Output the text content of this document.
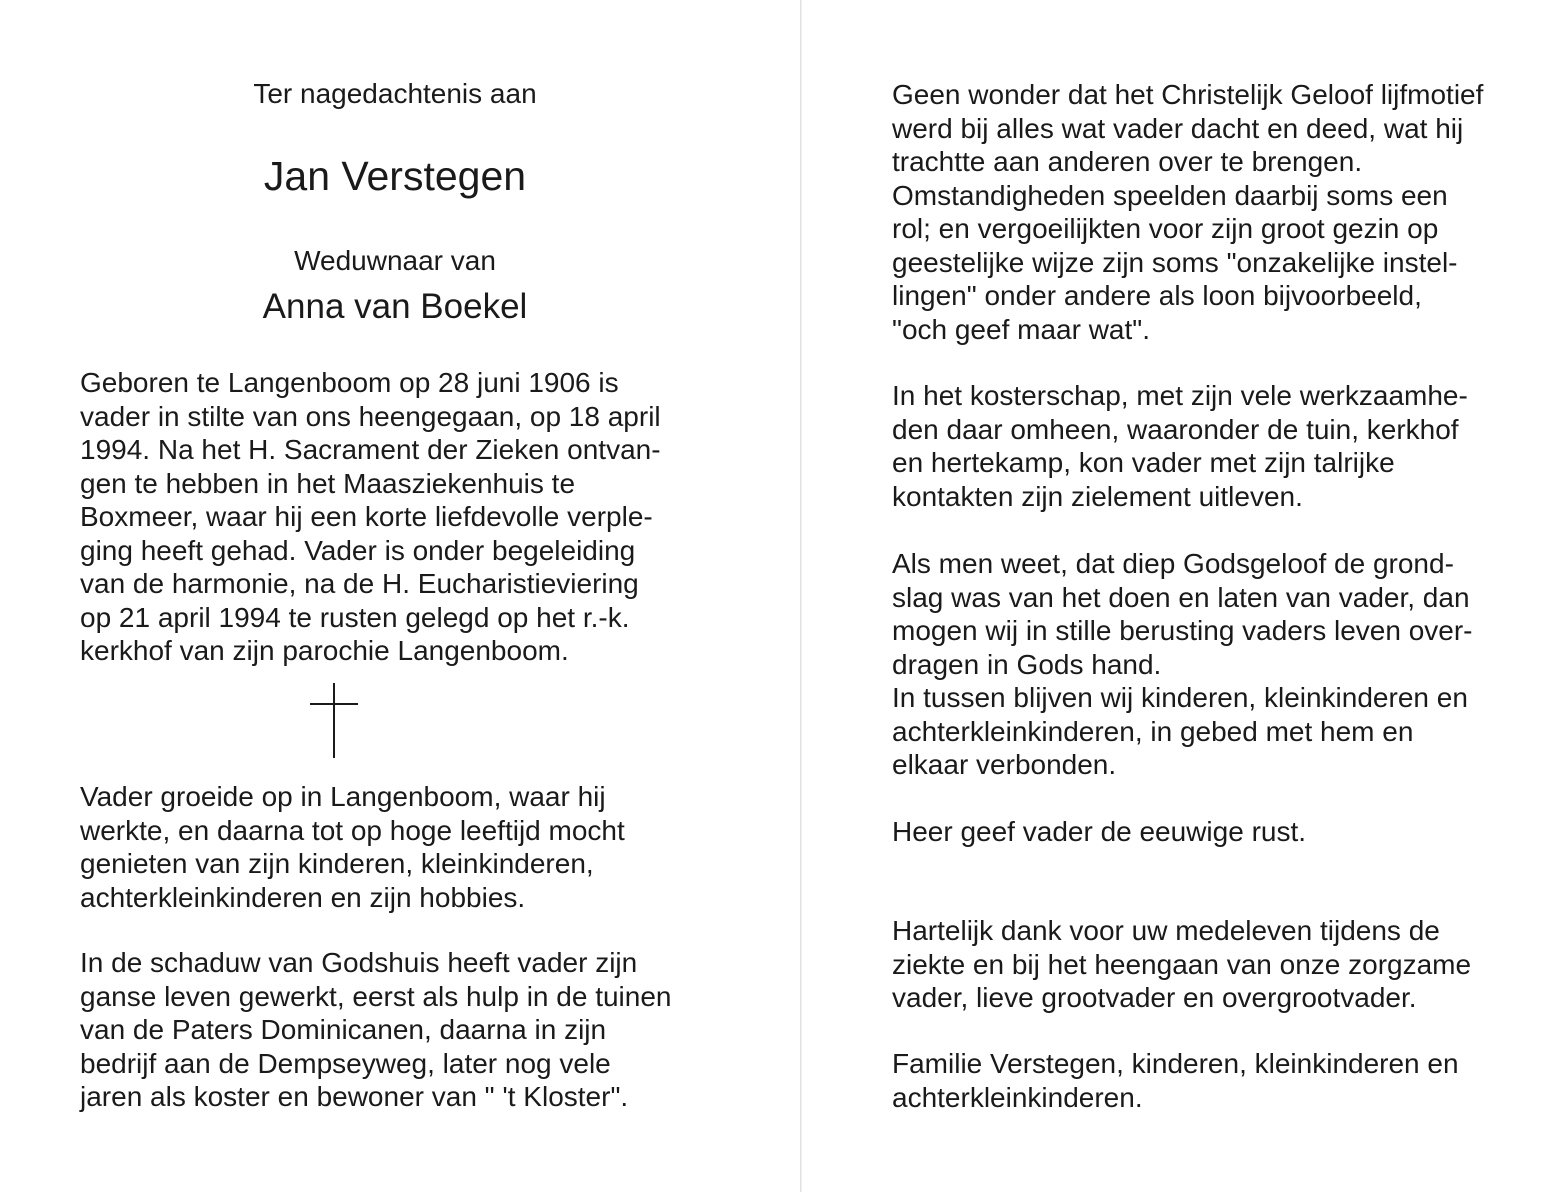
Ter nagedachtenis aan
Jan Verstegen
Weduwnaar van
Anna van Boekel
Geboren te Langenboom op 28 juni 1906 is
vader in stilte van ons heengegaan, op 18 april
1994. Na het H. Sacrament der Zieken ontvan-
gen te hebben in het Maasziekenhuis te
Boxmeer, waar hij een korte liefdevolle verple-
ging heeft gehad. Vader is onder begeleiding
van de harmonie, na de H. Eucharistieviering
op 21 april 1994 te rusten gelegd op het r.-k.
kerkhof van zijn parochie Langenboom.
Vader groeide op in Langenboom, waar hij
werkte, en daarna tot op hoge leeftijd mocht
genieten van zijn kinderen, kleinkinderen,
achterkleinkinderen en zijn hobbies.
In de schaduw van Godshuis heeft vader zijn
ganse leven gewerkt, eerst als hulp in de tuinen
van de Paters Dominicanen, daarna in zijn
bedrijf aan de Dempseyweg, later nog vele
jaren als koster en bewoner van " 't Kloster".
Geen wonder dat het Christelijk Geloof lijfmotief
werd bij alles wat vader dacht en deed, wat hij
trachtte aan anderen over te brengen.
Omstandigheden speelden daarbij soms een
rol; en vergoeilijkten voor zijn groot gezin op
geestelijke wijze zijn soms "onzakelijke instel-
lingen" onder andere als loon bijvoorbeeld,
"och geef maar wat".
In het kosterschap, met zijn vele werkzaamhe-
den daar omheen, waaronder de tuin, kerkhof
en hertekamp, kon vader met zijn talrijke
kontakten zijn zielement uitleven.
Als men weet, dat diep Godsgeloof de grond-
slag was van het doen en laten van vader, dan
mogen wij in stille berusting vaders leven over-
dragen in Gods hand.
In tussen blijven wij kinderen, kleinkinderen en
achterkleinkinderen, in gebed met hem en
elkaar verbonden.
Heer geef vader de eeuwige rust.
Hartelijk dank voor uw medeleven tijdens de
ziekte en bij het heengaan van onze zorgzame
vader, lieve grootvader en overgrootvader.
Familie Verstegen, kinderen, kleinkinderen en
achterkleinkinderen.
